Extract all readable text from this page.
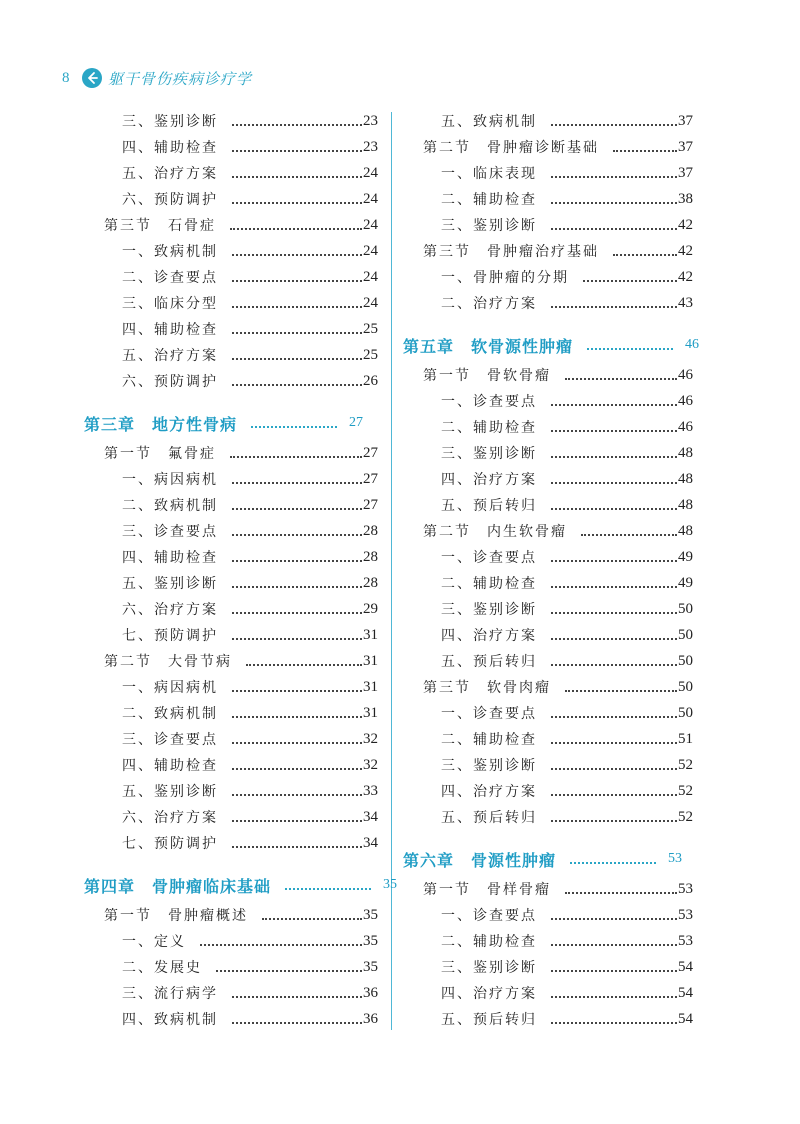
8	躯干骨伤疾病诊疗学
三、鉴别诊断	23
四、辅助检查	23
五、治疗方案	24
六、预防调护	24
第三节　石骨症	24
一、致病机制	24
二、诊查要点	24
三、临床分型	24
四、辅助检查	25
五、治疗方案	25
六、预防调护	26
第三章　地方性骨病	27
第一节　氟骨症	27
一、病因病机	27
二、致病机制	27
三、诊查要点	28
四、辅助检查	28
五、鉴别诊断	28
六、治疗方案	29
七、预防调护	31
第二节　大骨节病	31
一、病因病机	31
二、致病机制	31
三、诊查要点	32
四、辅助检查	32
五、鉴别诊断	33
六、治疗方案	34
七、预防调护	34
第四章　骨肿瘤临床基础	35
第一节　骨肿瘤概述	35
一、定义	35
二、发展史	35
三、流行病学	36
四、致病机制	36
五、致病机制	37
第二节　骨肿瘤诊断基础	37
一、临床表现	37
二、辅助检查	38
三、鉴别诊断	42
第三节　骨肿瘤治疗基础	42
一、骨肿瘤的分期	42
二、治疗方案	43
第五章　软骨源性肿瘤	46
第一节　骨软骨瘤	46
一、诊查要点	46
二、辅助检查	46
三、鉴别诊断	48
四、治疗方案	48
五、预后转归	48
第二节　内生软骨瘤	48
一、诊查要点	49
二、辅助检查	49
三、鉴别诊断	50
四、治疗方案	50
五、预后转归	50
第三节　软骨肉瘤	50
一、诊查要点	50
二、辅助检查	51
三、鉴别诊断	52
四、治疗方案	52
五、预后转归	52
第六章　骨源性肿瘤	53
第一节　骨样骨瘤	53
一、诊查要点	53
二、辅助检查	53
三、鉴别诊断	54
四、治疗方案	54
五、预后转归	54
